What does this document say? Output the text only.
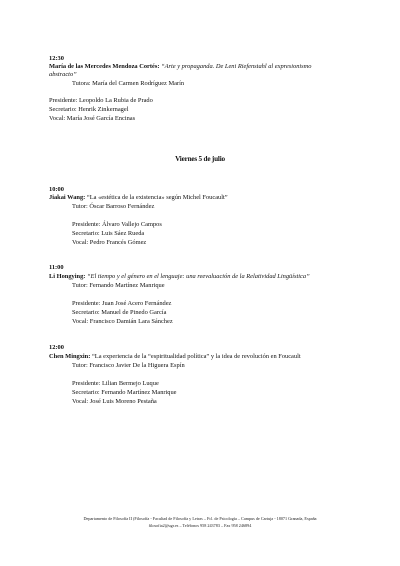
12:30
María de las Mercedes Mendoza Cortés: “Arte y propaganda. De Leni Riefenstahl al expresionismo
abstracto”
Tutora: María del Carmen Rodríguez Marín
Presidente: Leopoldo La Rubia de Prado
Secretario: Henrik Zinkernagel
Vocal: María José García Encinas
Viernes 5 de julio
10:00
Jiakai Wang: “La «estética de la existencia» según Michel Foucault”
Tutor: Óscar Barroso Fernández
Presidente: Álvaro Vallejo Campos
Secretario: Luis Sáez Rueda
Vocal: Pedro Francés Gómez
11:00
Li Hongying: “El tiempo y el género en el lenguaje: una reevaluación de la Relatividad Lingüística”
Tutor: Fernando Martínez Manrique
Presidente: Juan José Acero Fernández
Secretario: Manuel de Pinedo García
Vocal: Francisco Damián Lara Sánchez
12:00
Chen Mingxin: “La experiencia de la “espiritualidad política” y la idea de revolución en Foucault
Tutor: Francisco Javier De la Higuera Espín
Presidente: Lilian Bermejo Luque
Secretario: Fernando Martínez Manrique
Vocal: José Luis Moreno Pestaña
Departamento de Filosofía II (Filosofía - Facultad de Filosofía y Letras – Fcl. de Psicología – Campus de Cartuja - 18071 Granada, España
filosofia2@ugr.es – Teléfonos 958 243783 – Fax 958 246894
